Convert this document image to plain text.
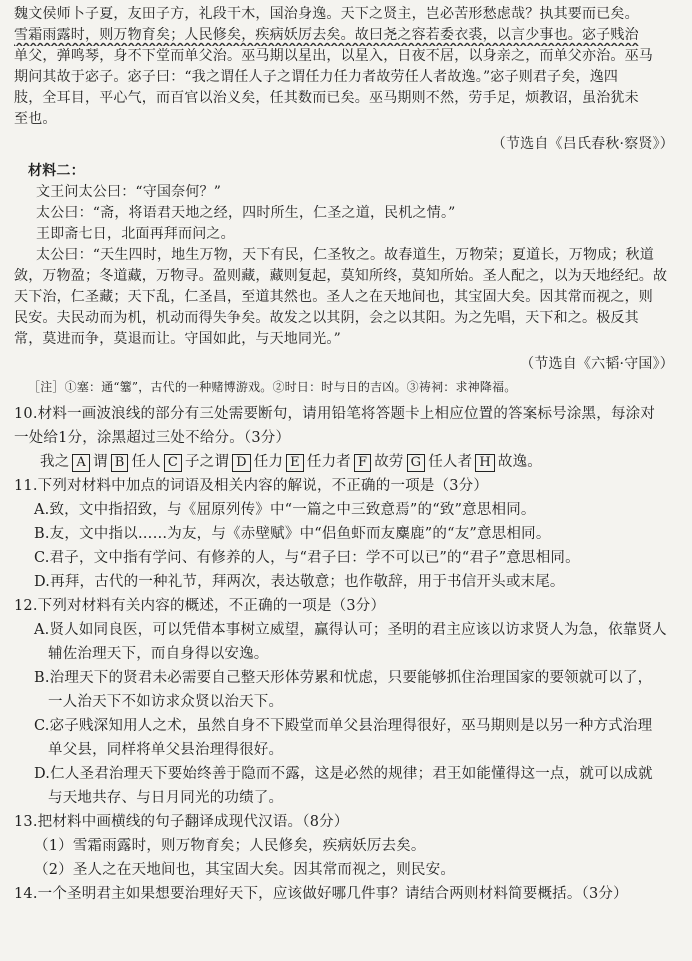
魏文侯师卜子夏，友田子方，礼段干木，国治身逸。天下之贤主，岂必苦形愁虑哉？执其要而已矣。
雪霜雨露时，则万物育矣；人民修矣，疾病妖厉去矣。故曰尧之容若委衣裘，以言少事也。宓子贱治
单父，弹鸣琴，身不下堂而单父治。巫马期以星出，以星入，日夜不居，以身亲之，而单父亦治。巫马
期问其故于宓子。宓子曰：“我之谓任人子之谓任力任力者故劳任人者故逸。”宓子则君子矣，逸四
肢，全耳目，平心气，而百官以治义矣，任其数而已矣。巫马期则不然，劳手足，烦教诏，虽治犹未
至也。
（节选自《吕氏春秋·察贤》）
材料二：
文王问太公曰：“守国奈何？”
太公曰：“斋，将语君天地之经，四时所生，仁圣之道，民机之情。”
王即斋七日，北面再拜而问之。
太公曰：“天生四时，地生万物，天下有民，仁圣牧之。故春道生，万物荣；夏道长，万物成；秋道
敛，万物盈；冬道藏，万物寻。盈则藏，藏则复起，莫知所终，莫知所始。圣人配之，以为天地经纪。故
天下治，仁圣藏；天下乱，仁圣昌，至道其然也。圣人之在天地间也，其宝固大矣。因其常而视之，则
民安。夫民动而为机，机动而得失争矣。故发之以其阴，会之以其阳。为之先唱，天下和之。极反其
常，莫进而争，莫退而让。守国如此，与天地同光。”
（节选自《六韬·守国》）
［注］①塞：通“簺”，古代的一种赌博游戏。②时日：时与日的吉凶。③祷祠：求神降福。
10.材料一画波浪线的部分有三处需要断句，请用铅笔将答题卡上相应位置的答案标号涂黑，每涂对
一处给1分，涂黑超过三处不给分。（3分）
我之 A 谓 B 任人 C 子之谓 D 任力 E 任力者 F 故劳 G 任人者 H 故逸。
11.下列对材料中加点的词语及相关内容的解说，不正确的一项是（3分）
A.致，文中指招致，与《屈原列传》中“一篇之中三致意焉”的“致”意思相同。
B.友，文中指以……为友，与《赤壁赋》中“侣鱼虾而友麋鹿”的“友”意思相同。
C.君子，文中指有学问、有修养的人，与“君子曰：学不可以已”的“君子”意思相同。
D.再拜，古代的一种礼节，拜两次，表达敬意；也作敬辞，用于书信开头或末尾。
12.下列对材料有关内容的概述，不正确的一项是（3分）
A.贤人如同良医，可以凭借本事树立威望，赢得认可；圣明的君主应该以访求贤人为急，依靠贤人
辅佐治理天下，而自身得以安逸。
B.治理天下的贤君未必需要自己整天形体劳累和忧虑，只要能够抓住治理国家的要领就可以了，
一人治天下不如访求众贤以治天下。
C.宓子贱深知用人之术，虽然自身不下殿堂而单父县治理得很好，巫马期则是以另一种方式治理
单父县，同样将单父县治理得很好。
D.仁人圣君治理天下要始终善于隐而不露，这是必然的规律；君王如能懂得这一点，就可以成就
与天地共存、与日月同光的功绩了。
13.把材料中画横线的句子翻译成现代汉语。（8分）
（1）雪霜雨露时，则万物育矣；人民修矣，疾病妖厉去矣。
（2）圣人之在天地间也，其宝固大矣。因其常而视之，则民安。
14.一个圣明君主如果想要治理好天下，应该做好哪几件事？请结合两则材料简要概括。（3分）
